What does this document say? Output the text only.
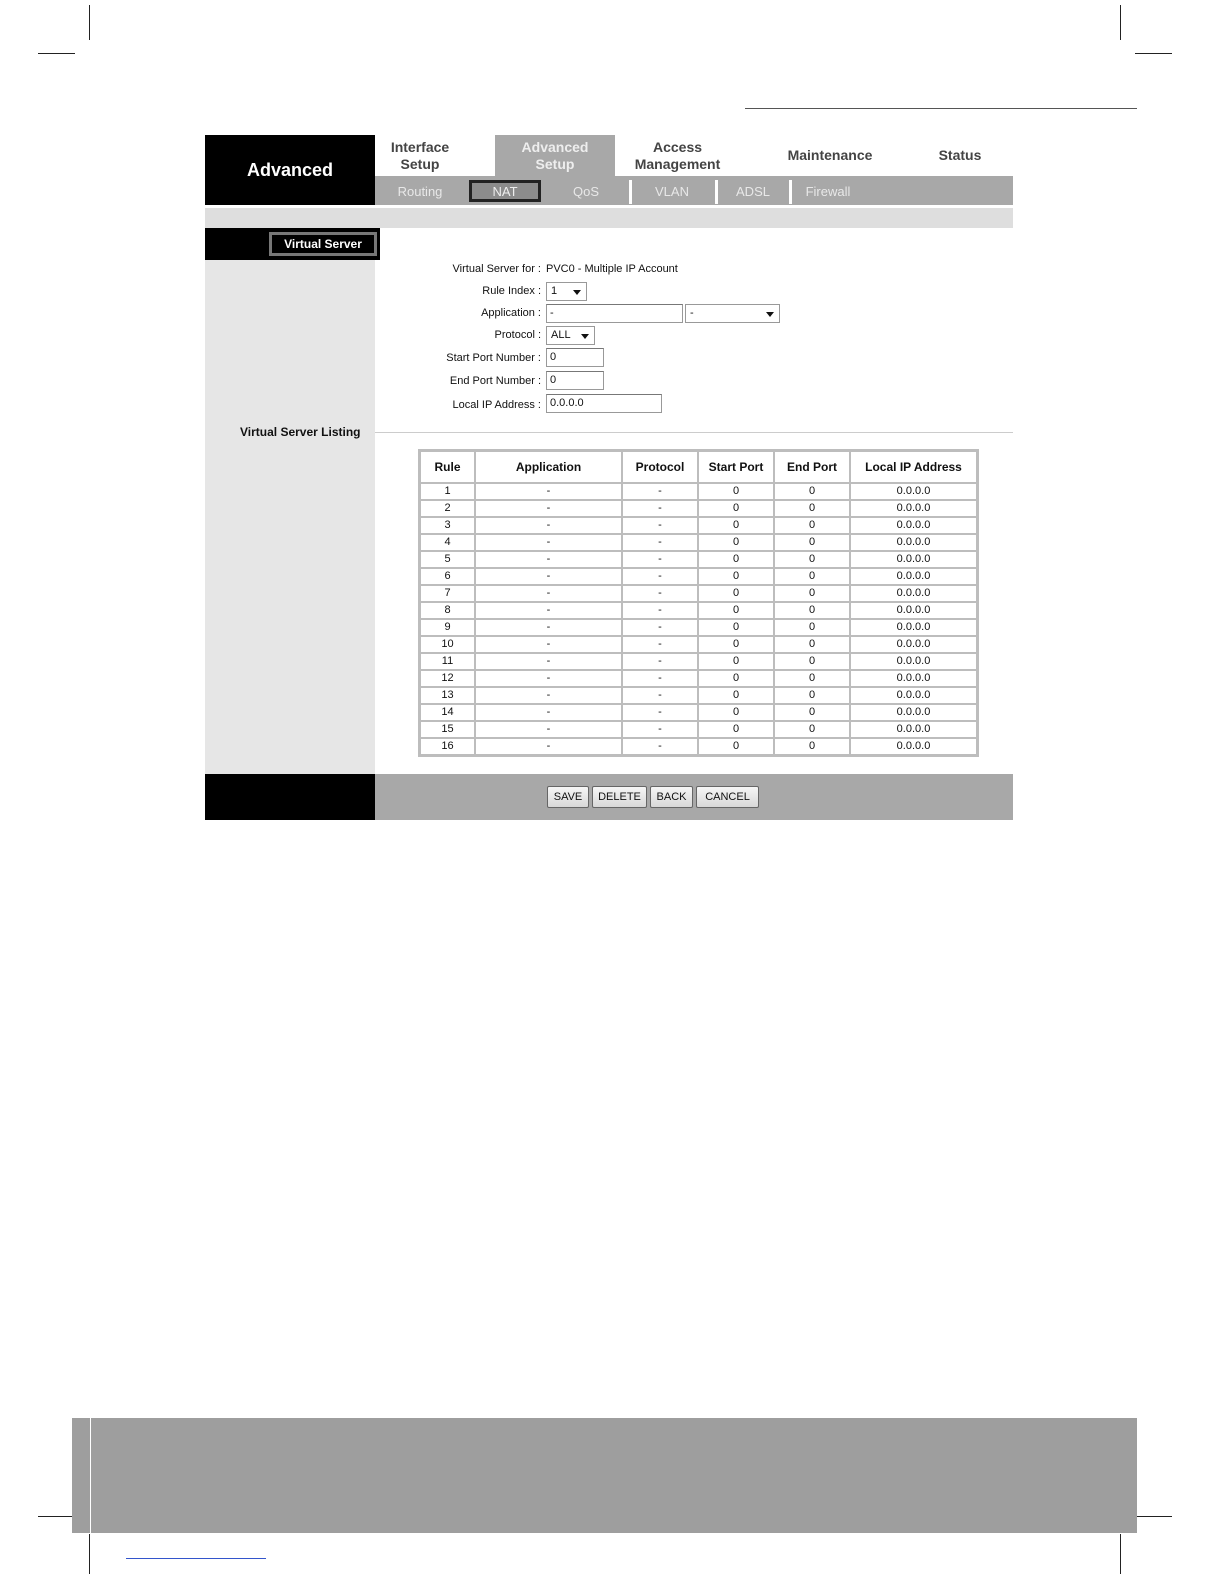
Advanced
Interface
Setup
Advanced
Setup
Access
Management
Maintenance	Status
Routing	NAT	QoS	VLAN	ADSL	Firewall
Virtual Server
Virtual Server for : PVC0 - Multiple IP Account
Rule Index : 1
Application : -	-
Protocol : ALL
Start Port Number : 0
End Port Number : 0
Local IP Address : 0.0.0.0
Virtual Server Listing
Rule	Application	Protocol	Start Port	End Port	Local IP Address
1	-	-	0	0	0.0.0.0
2	-	-	0	0	0.0.0.0
3	-	-	0	0	0.0.0.0
4	-	-	0	0	0.0.0.0
5	-	-	0	0	0.0.0.0
6	-	-	0	0	0.0.0.0
7	-	-	0	0	0.0.0.0
8	-	-	0	0	0.0.0.0
9	-	-	0	0	0.0.0.0
10	-	-	0	0	0.0.0.0
11	-	-	0	0	0.0.0.0
12	-	-	0	0	0.0.0.0
13	-	-	0	0	0.0.0.0
14	-	-	0	0	0.0.0.0
15	-	-	0	0	0.0.0.0
16	-	-	0	0	0.0.0.0
SAVE	DELETE	BACK	CANCEL
